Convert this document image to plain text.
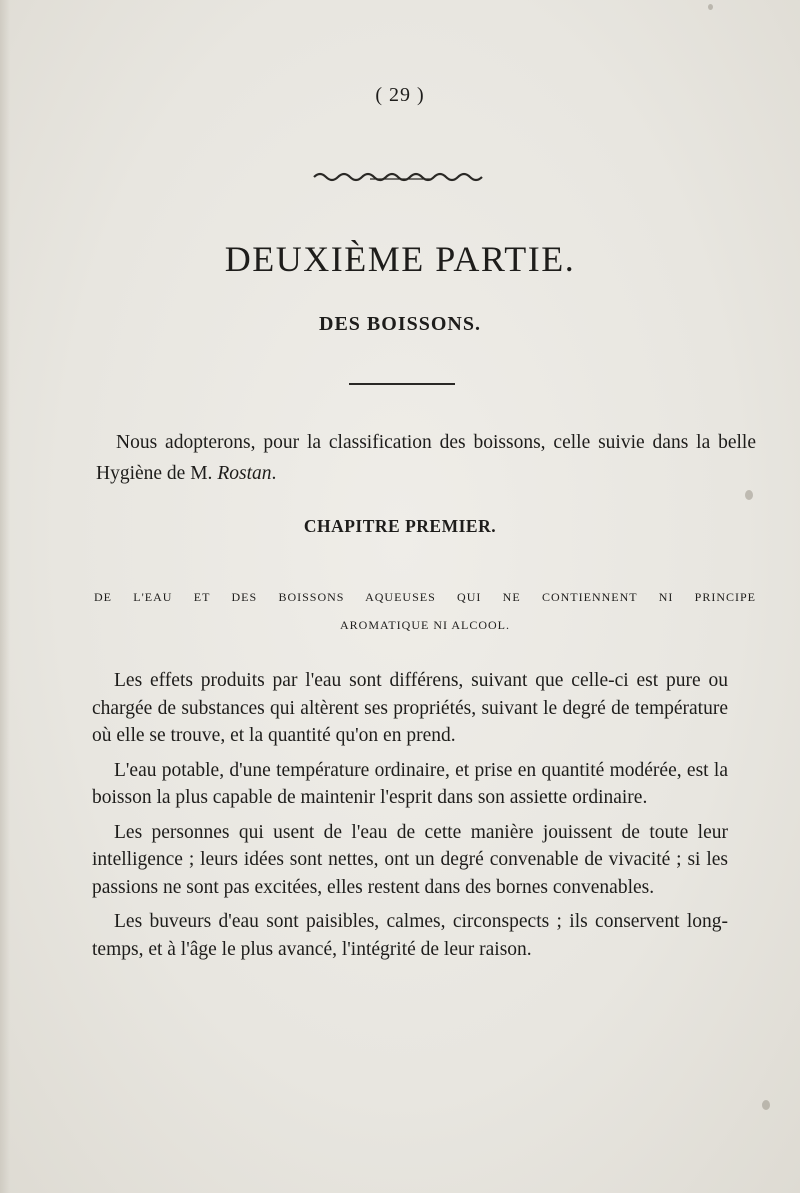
( 29 )
DEUXIÈME PARTIE.
DES BOISSONS.

Nous adopterons, pour la classification des boissons, celle suivie dans la belle Hygiène de M. Rostan.

CHAPITRE PREMIER.
DE L'EAU ET DES BOISSONS AQUEUSES QUI NE CONTIENNENT NI PRINCIPE
AROMATIQUE NI ALCOOL.

Les effets produits par l'eau sont différens, suivant que celle-ci est pure ou chargée de substances qui altèrent ses propriétés, suivant le degré de température où elle se trouve, et la quantité qu'on en prend.

L'eau potable, d'une température ordinaire, et prise en quantité modérée, est la boisson la plus capable de maintenir l'esprit dans son assiette ordinaire.

Les personnes qui usent de l'eau de cette manière jouissent de toute leur intelligence ; leurs idées sont nettes, ont un degré convenable de vivacité ; si les passions ne sont pas excitées, elles restent dans des bornes convenables.

Les buveurs d'eau sont paisibles, calmes, circonspects ; ils conservent long-temps, et à l'âge le plus avancé, l'intégrité de leur raison.
